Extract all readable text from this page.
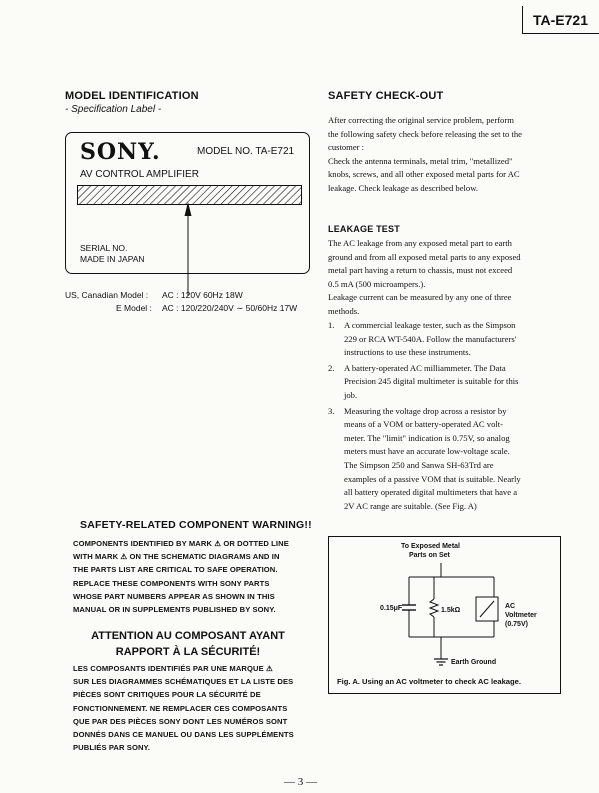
TA-E721
MODEL IDENTIFICATION
- Specification Label -
SONY.	MODEL NO. TA-E721
AV CONTROL AMPLIFIER
SERIAL NO.
MADE IN JAPAN
US, Canadian Model : AC : 120V 60Hz 18W
E Model : AC : 120/220/240V ∼ 50/60Hz 17W
SAFETY CHECK-OUT
After correcting the original service problem, perform
the following safety check before releasing the set to the
customer :
Check the antenna terminals, metal trim, "metallized"
knobs, screws, and all other exposed metal parts for AC
leakage. Check leakage as described below.
LEAKAGE TEST
The AC leakage from any exposed metal part to earth
ground and from all exposed metal parts to any exposed
metal part having a return to chassis, must not exceed
0.5 mA (500 microampers.).
Leakage current can be measured by any one of three
methods.
1. A commercial leakage tester, such as the Simpson
229 or RCA WT-540A. Follow the manufacturers'
instructions to use these instruments.
2. A battery-operated AC milliammeter. The Data
Precision 245 digital multimeter is suitable for this
job.
3. Measuring the voltage drop across a resistor by
means of a VOM or battery-operated AC volt-
meter. The "limit" indication is 0.75V, so analog
meters must have an accurate low-voltage scale.
The Simpson 250 and Sanwa SH-63Trd are
examples of a passive VOM that is suitable. Nearly
all battery operated digital multimeters that have a
2V AC range are suitable. (See Fig. A)
SAFETY-RELATED COMPONENT WARNING!!
COMPONENTS IDENTIFIED BY MARK ⚠ OR DOTTED LINE
WITH MARK ⚠ ON THE SCHEMATIC DIAGRAMS AND IN
THE PARTS LIST ARE CRITICAL TO SAFE OPERATION.
REPLACE THESE COMPONENTS WITH SONY PARTS
WHOSE PART NUMBERS APPEAR AS SHOWN IN THIS
MANUAL OR IN SUPPLEMENTS PUBLISHED BY SONY.
ATTENTION AU COMPOSANT AYANT
RAPPORT À LA SÉCURITÉ!
LES COMPOSANTS IDENTIFIÉS PAR UNE MARQUE ⚠
SUR LES DIAGRAMMES SCHÉMATIQUES ET LA LISTE DES
PIÈCES SONT CRITIQUES POUR LA SÉCURITÉ DE
FONCTIONNEMENT. NE REMPLACER CES COMPOSANTS
QUE PAR DES PIÈCES SONY DONT LES NUMÉROS SONT
DONNÉS DANS CE MANUEL OU DANS LES SUPPLÉMENTS
PUBLIÉS PAR SONY.
To Exposed Metal
Parts on Set
0.15μF	1.5kΩ
AC
Voltmeter
(0.75V)
Earth Ground
Fig. A. Using an AC voltmeter to check AC leakage.
— 3 —
